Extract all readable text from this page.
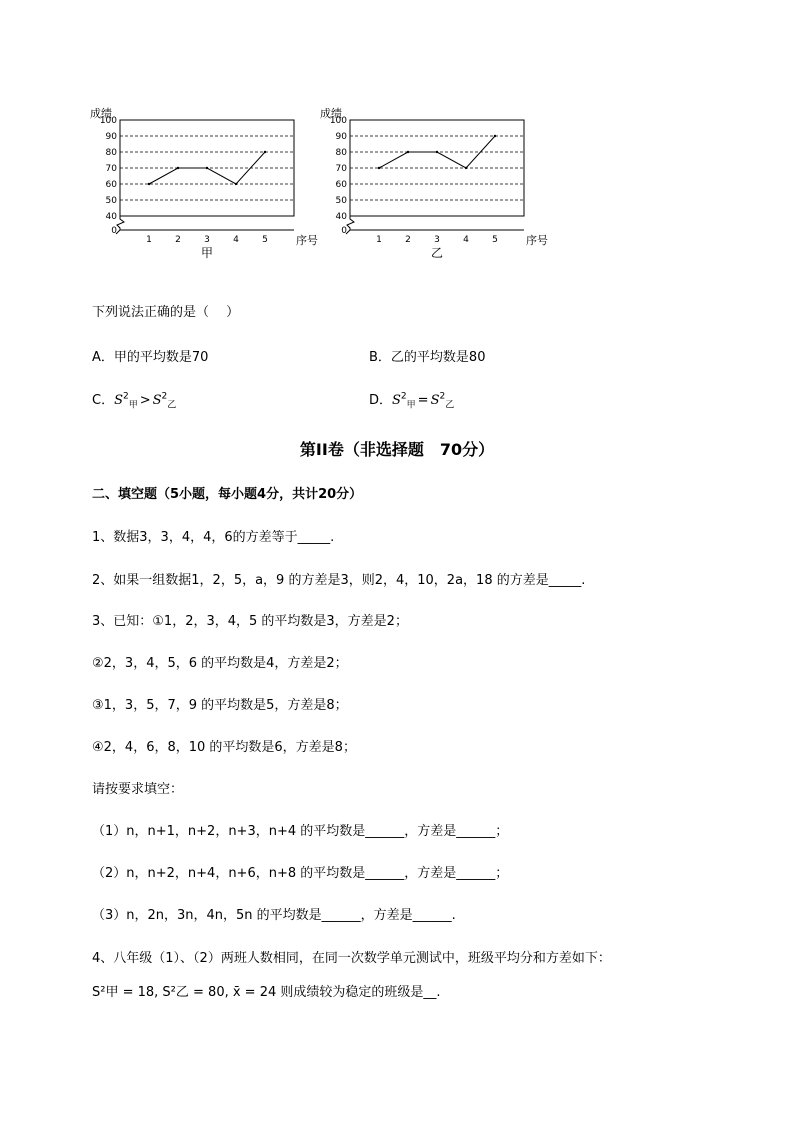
0
40
50
60
70
80
90
100
1	2	3	4	5
成绩
序号
甲
0
40
50
60
70
80
90
100
1	2	3	4	5
成绩
序号
乙
下列说法正确的是（　 ）
A．甲的平均数是70	B．乙的平均数是80
C．$S^2_甲 > S^2_乙$	D．$S^2_甲 = S^2_乙$
第II卷（非选择题　70分）
二、填空题（5小题，每小题4分，共计20分）
1、数据3，3，4，4，6的方差等于_____.
2、如果一组数据1，2，5，a，9 的方差是3，则2，4，10，2a，18 的方差是_____.
3、已知：①1，2，3，4，5 的平均数是3，方差是2；
②2，3，4，5，6 的平均数是4，方差是2；
③1，3，5，7，9 的平均数是5，方差是8；
④2，4，6，8，10 的平均数是6，方差是8；
请按要求填空：
（1）n，n+1，n+2，n+3，n+4 的平均数是______，方差是______；
（2）n，n+2，n+4，n+6，n+8 的平均数是______，方差是______；
（3）n，2n，3n，4n，5n 的平均数是______，方差是______.
4、八年级（1）、（2）两班人数相同，在同一次数学单元测试中，班级平均分和方差如下：
S²甲 = 18, S²乙 = 80, x̄ = 24 则成绩较为稳定的班级是__.
